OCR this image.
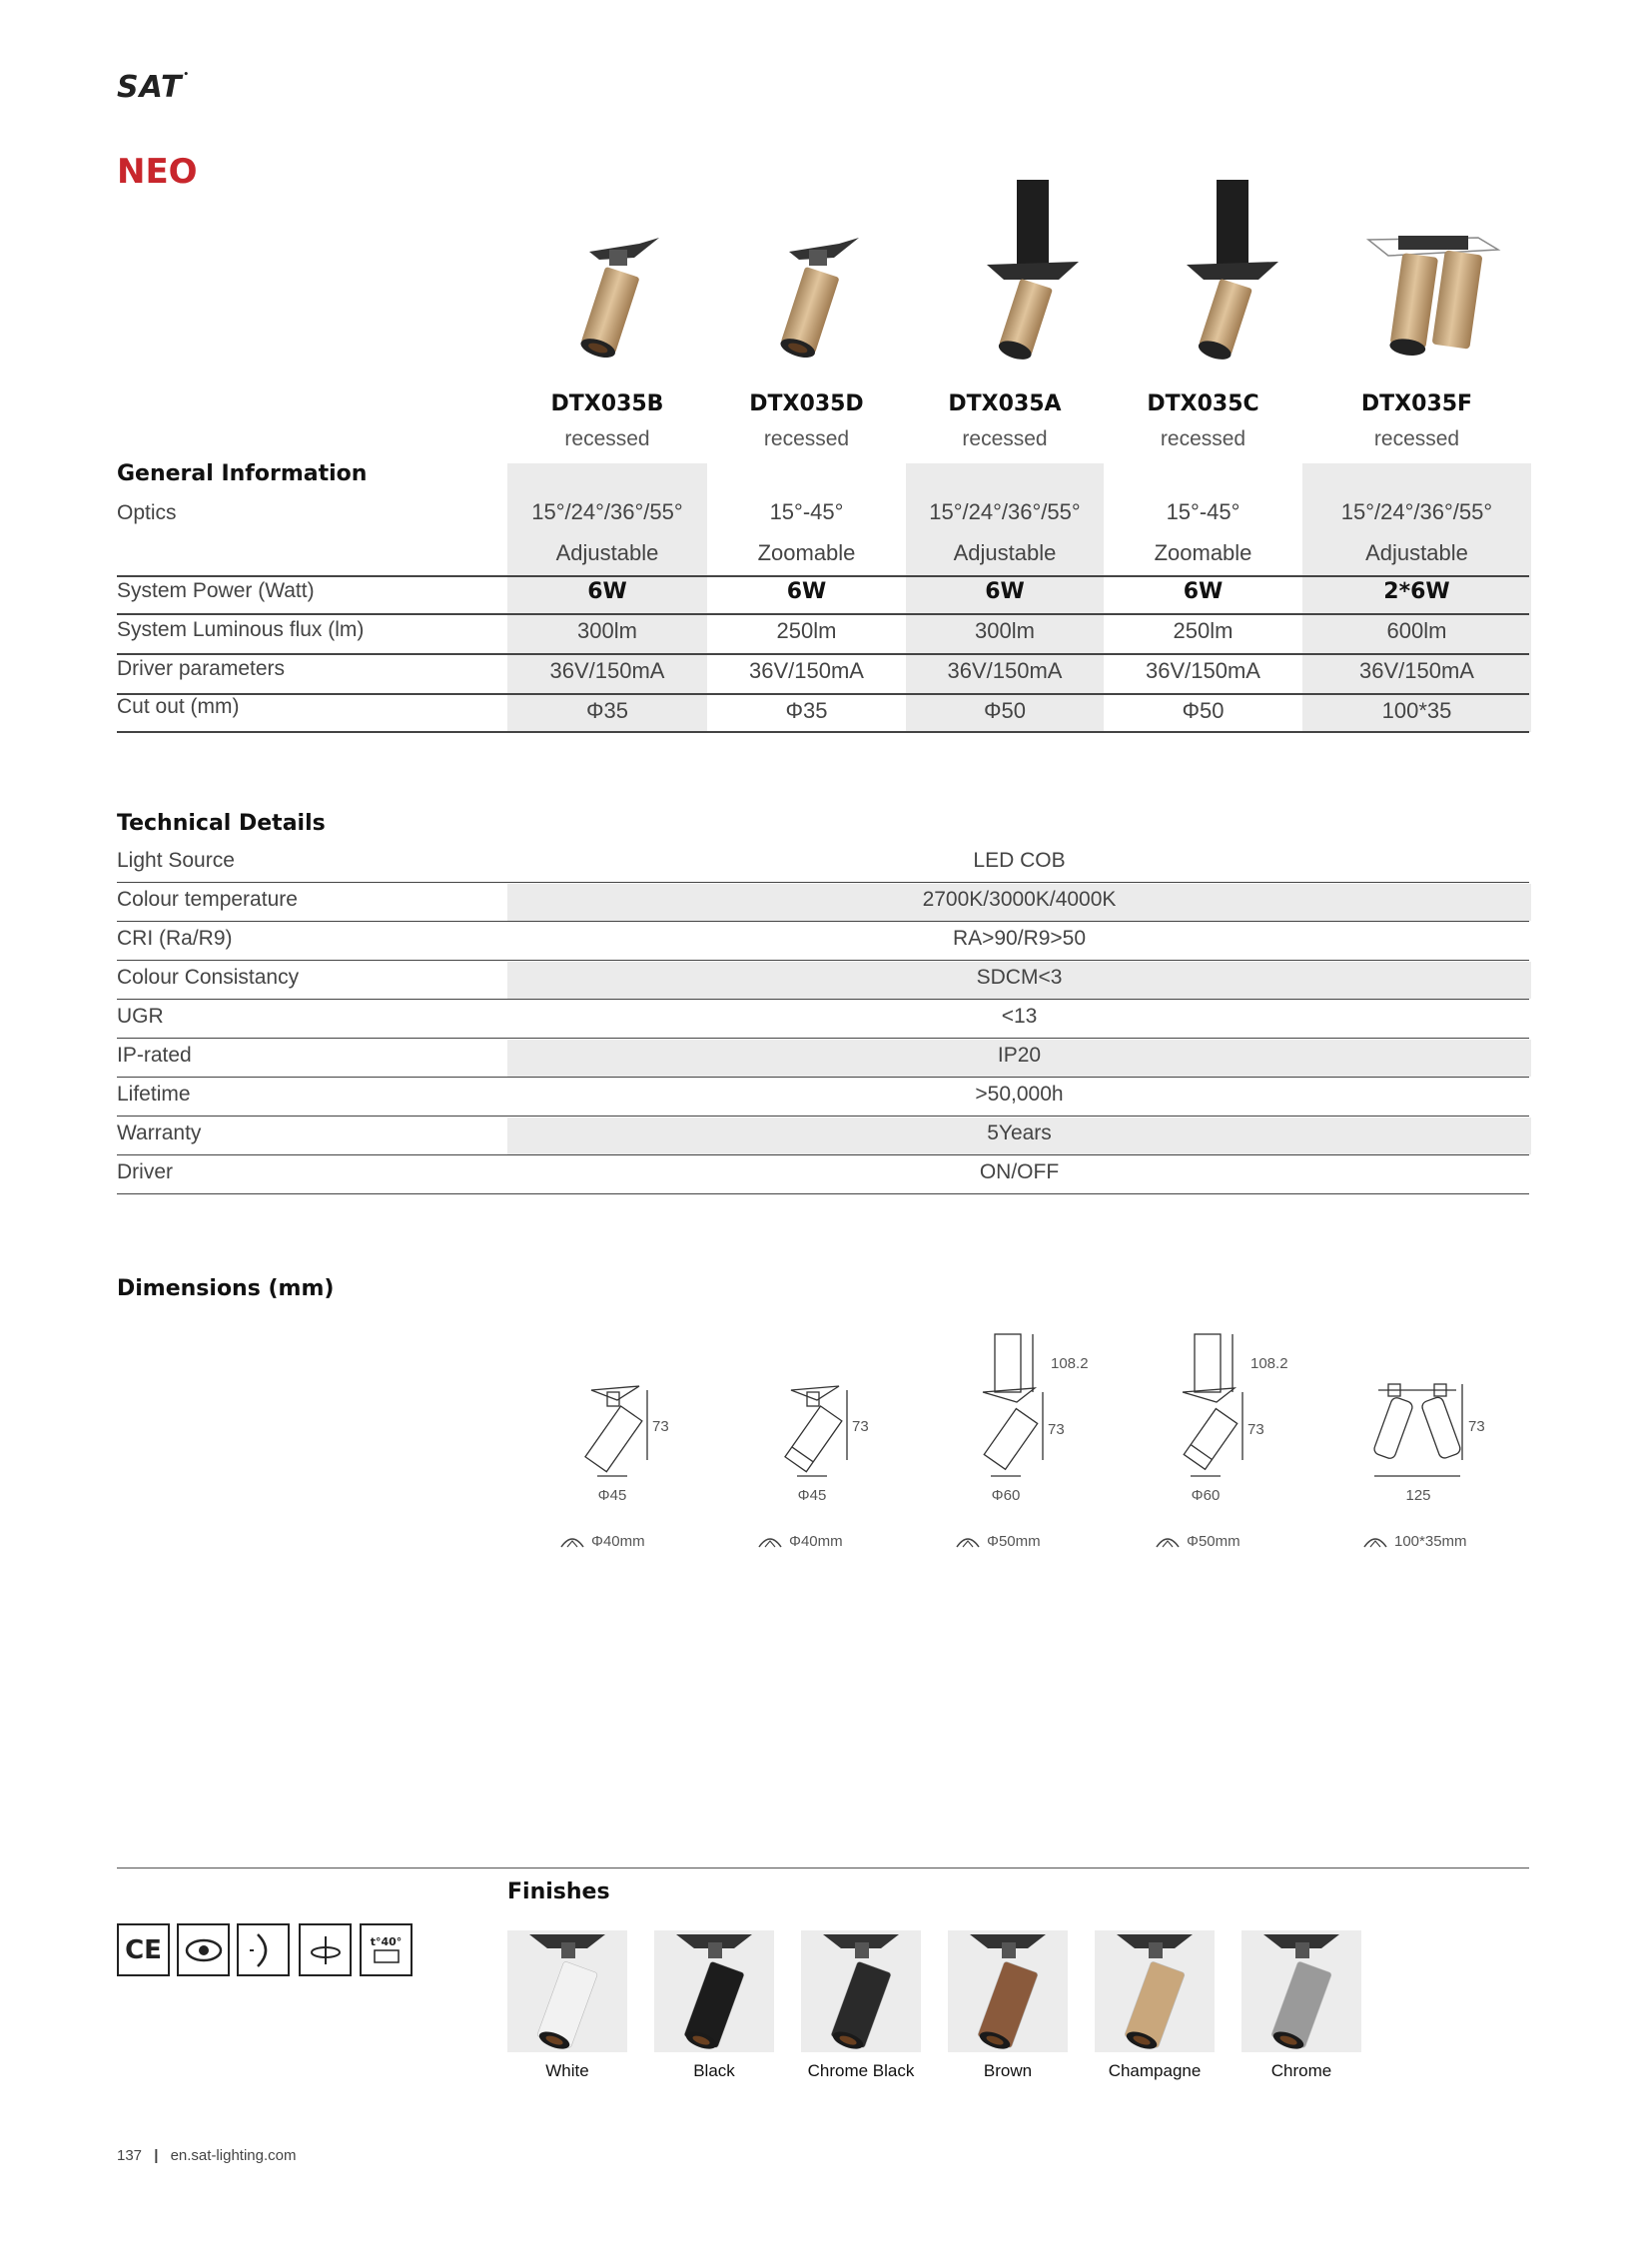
SAT•
NEO
DTX035B	DTX035D	DTX035A	DTX035C	DTX035F
recessed	recessed	recessed	recessed	recessed
General Information
Optics	15°/24°/36°/55°	15°-45°	15°/24°/36°/55°	15°-45°	15°/24°/36°/55°
Adjustable	Zoomable	Adjustable	Zoomable	Adjustable
System Power (Watt)	6W	6W	6W	6W	2*6W
System Luminous flux (lm)	300lm	250lm	300lm	250lm	600lm
Driver parameters	36V/150mA	36V/150mA	36V/150mA	36V/150mA	36V/150mA
Cut out (mm)	Φ35	Φ35	Φ50	Φ50	100*35
Technical Details
Light Source	LED COB
Colour temperature	2700K/3000K/4000K
CRI (Ra/R9)	RA>90/R9>50
Colour Consistancy	SDCM<3
UGR	<13
IP-rated	IP20
Lifetime	>50,000h
Warranty	5Years
Driver	ON/OFF
Dimensions (mm)
73
Φ45
73
Φ45
108.2
73
Φ60
108.2
73
Φ60
73
125
Φ40mm	Φ40mm	Φ50mm	Φ50mm	100*35mm
Finishes
CE	t°40°
White	Black	Chrome Black	Brown	Champagne	Chrome
137 | en.sat-lighting.com
